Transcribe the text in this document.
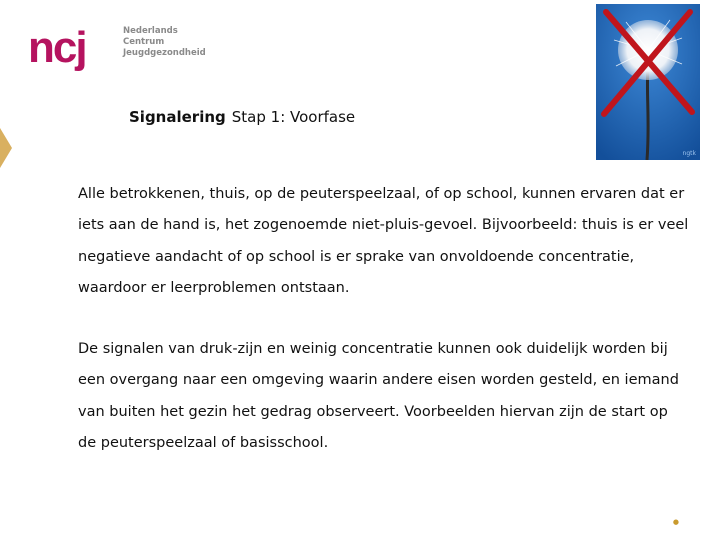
ncj	Nederlands
Centrum
Jeugdgezondheid
ngtk
Signalering Stap 1: Voorfase
Alle betrokkenen, thuis, op de peuterspeelzaal, of op school, kunnen ervaren dat er iets aan de hand is, het zogenoemde niet-pluis-gevoel. Bijvoorbeeld: thuis is er veel negatieve aandacht of op school is er sprake van onvoldoende concentratie, waardoor er leerproblemen ontstaan.
De signalen van druk-zijn en weinig concentratie kunnen ook duidelijk worden bij een overgang naar een omgeving waarin andere eisen worden gesteld, en iemand van buiten het gezin het gedrag observeert. Voorbeelden hiervan zijn de start op de peuterspeelzaal of basisschool.
●
